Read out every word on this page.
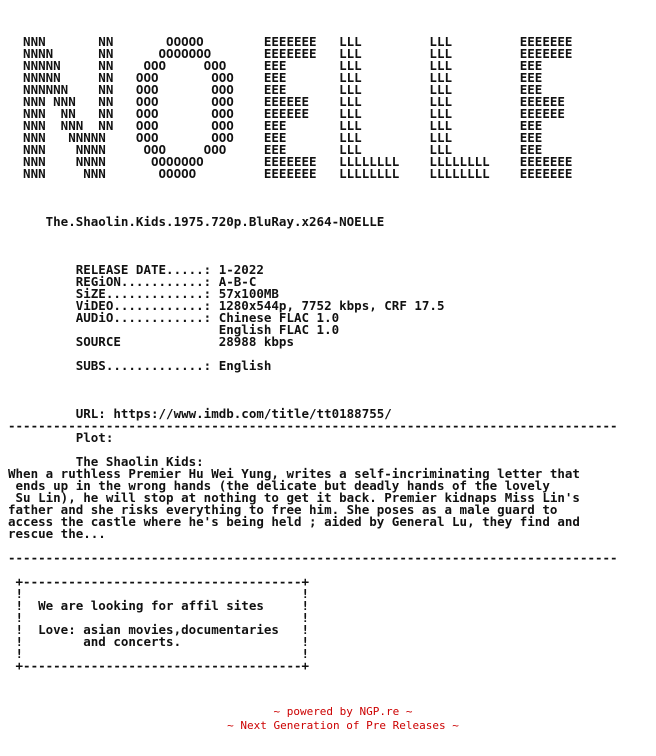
NNN       NN       OOOOO        EEEEEEE   LLL         LLL         EEEEEEE
NNNN      NN      OOOOOOO       EEEEEEE   LLL         LLL         EEEEEEE
NNNNN     NN    OOO     OOO     EEE       LLL         LLL         EEE
NNNNN     NN   OOO       OOO    EEE       LLL         LLL         EEE
NNNNNN    NN   OOO       OOO    EEE       LLL         LLL         EEE
NNN NNN   NN   OOO       OOO    EEEEEE    LLL         LLL         EEEEEE
NNN  NN   NN   OOO       OOO    EEEEEE    LLL         LLL         EEEEEE
NNN  NNN  NN   OOO       OOO    EEE       LLL         LLL         EEE
NNN   NNNNN    OOO       OOO    EEE       LLL         LLL         EEE
NNN    NNNN     OOO     OOO     EEE       LLL         LLL         EEE
NNN    NNNN      OOOOOOO        EEEEEEE   LLLLLLLL    LLLLLLLL    EEEEEEE
NNN     NNN       OOOOO         EEEEEEE   LLLLLLLL    LLLLLLLL    EEEEEEE

The.Shaolin.Kids.1975.720p.BluRay.x264-NOELLE

RELEASE DATE.....: 1-2022
REGiON...........: A-B-C
SiZE.............: 57x100MB
ViDEO............: 1280x544p, 7752 kbps, CRF 17.5
AUDiO............: Chinese FLAC 1.0
English FLAC 1.0
SOURCE             28988 kbps

SUBS.............: English

URL: https://www.imdb.com/title/tt0188755/
---------------------------------------------------------------------------------
Plot:

The Shaolin Kids:
When a ruthless Premier Hu Wei Yung, writes a self-incriminating letter that
ends up in the wrong hands (the delicate but deadly hands of the lovely
Su Lin), he will stop at nothing to get it back. Premier kidnaps Miss Lin's
father and she risks everything to free him. She poses as a male guard to
access the castle where he's being held ; aided by General Lu, they find and
rescue the...

---------------------------------------------------------------------------------

+-------------------------------------+
!                                     !
!  We are looking for affil sites     !
!                                     !
!  Love: asian movies,documentaries   !
!        and concerts.                !
!                                     !
+-------------------------------------+
~ powered by NGP.re ~
~ Next Generation of Pre Releases ~
